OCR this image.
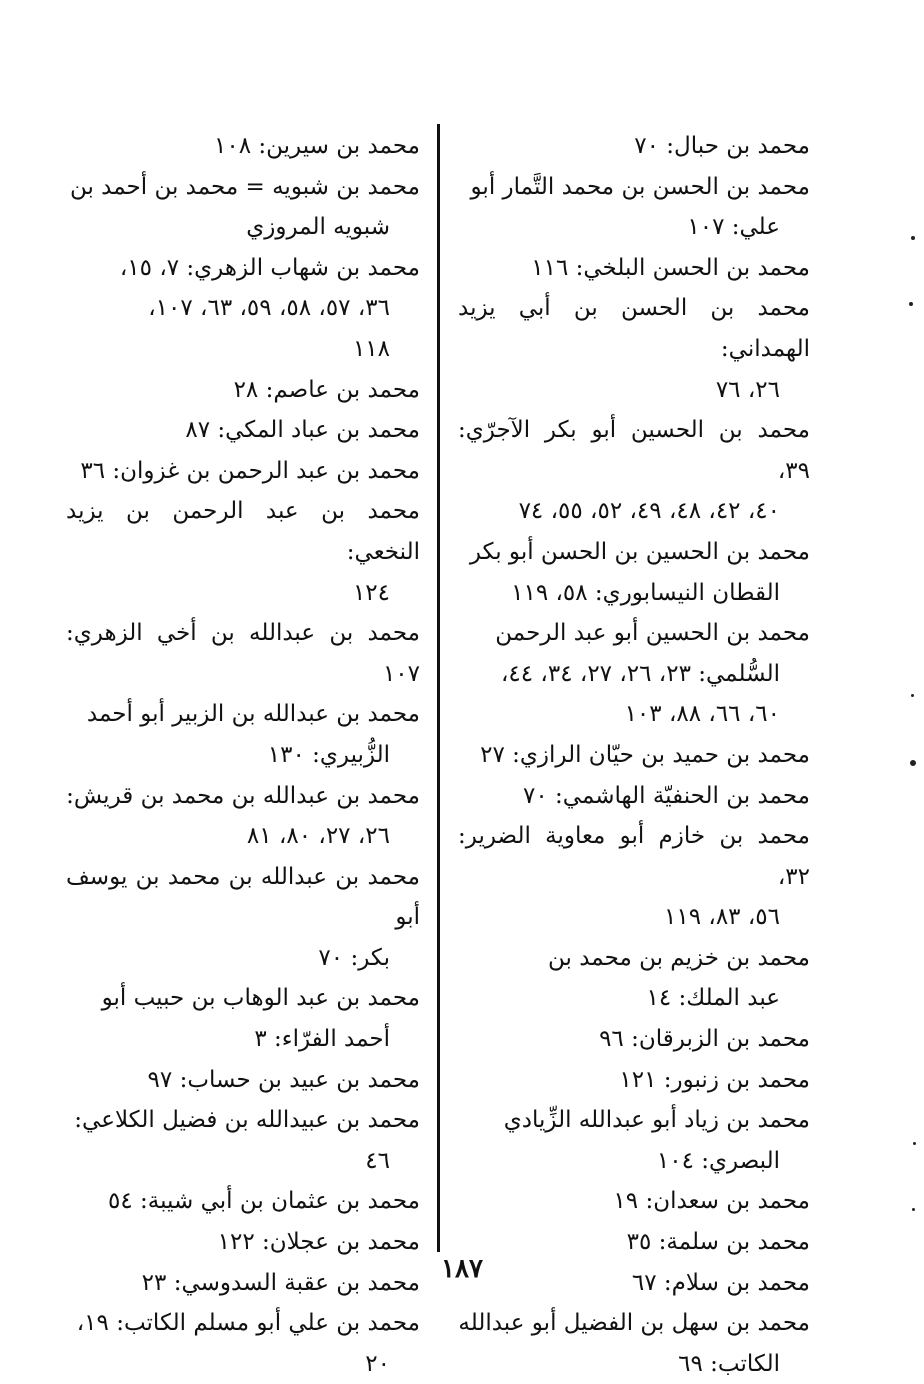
محمد بن حبال: ٧٠
محمد بن الحسن بن محمد التَّمار أبو
علي: ١٠٧
محمد بن الحسن البلخي: ١١٦
محمد بن الحسن بن أبي يزيد الهمداني:
٢٦، ٧٦
محمد بن الحسين أبو بكر الآجرّي: ٣٩،
٤٠، ٤٢، ٤٨، ٤٩، ٥٢، ٥٥، ٧٤
محمد بن الحسين بن الحسن أبو بكر
القطان النيسابوري: ٥٨، ١١٩
محمد بن الحسين أبو عبد الرحمن
السُّلمي: ٢٣، ٢٦، ٢٧، ٣٤، ٤٤،
٦٠، ٦٦، ٨٨، ١٠٣
محمد بن حميد بن حيّان الرازي: ٢٧
محمد بن الحنفيّة الهاشمي: ٧٠
محمد بن خازم أبو معاوية الضرير: ٣٢،
٥٦، ٨٣، ١١٩
محمد بن خزيم بن محمد بن
عبد الملك: ١٤
محمد بن الزبرقان: ٩٦
محمد بن زنبور: ١٢١
محمد بن زياد أبو عبدالله الزِّيادي
البصري: ١٠٤
محمد بن سعدان: ١٩
محمد بن سلمة: ٣٥
محمد بن سلام: ٦٧
محمد بن سهل بن الفضيل أبو عبدالله
الكاتب: ٦٩
محمد بن سيرين: ١٠٨
محمد بن شبويه = محمد بن أحمد بن
شبويه المروزي
محمد بن شهاب الزهري: ٧، ١٥،
٣٦، ٥٧، ٥٨، ٥٩، ٦٣، ١٠٧،
١١٨
محمد بن عاصم: ٢٨
محمد بن عباد المكي: ٨٧
محمد بن عبد الرحمن بن غزوان: ٣٦
محمد بن عبد الرحمن بن يزيد النخعي:
١٢٤
محمد بن عبدالله بن أخي الزهري: ١٠٧
محمد بن عبدالله بن الزبير أبو أحمد
الزُّبيري: ١٣٠
محمد بن عبدالله بن محمد بن قريش:
٢٦، ٢٧، ٨٠، ٨١
محمد بن عبدالله بن محمد بن يوسف أبو
بكر: ٧٠
محمد بن عبد الوهاب بن حبيب أبو
أحمد الفرّاء: ٣
محمد بن عبيد بن حساب: ٩٧
محمد بن عبيدالله بن فضيل الكلاعي:
٤٦
محمد بن عثمان بن أبي شيبة: ٥٤
محمد بن عجلان: ١٢٢
محمد بن عقبة السدوسي: ٢٣
محمد بن علي أبو مسلم الكاتب: ١٩،
٢٠
١٨٧
